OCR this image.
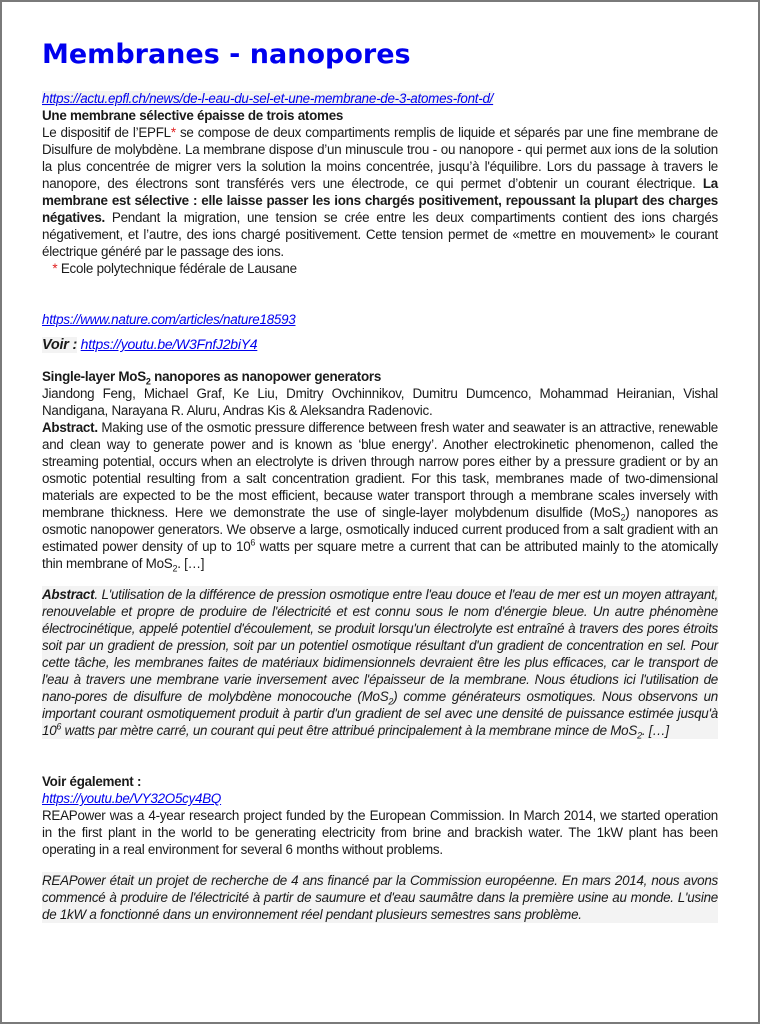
Membranes - nanopores

https://actu.epfl.ch/news/de-l-eau-du-sel-et-une-membrane-de-3-atomes-font-d/

Une membrane sélective épaisse de trois atomes

Le dispositif de l’EPFL* se compose de deux compartiments remplis de liquide et séparés par une fine membrane de Disulfure de molybdène. La membrane dispose d’un minuscule trou - ou nanopore - qui permet aux ions de la solution la plus concentrée de migrer vers la solution la moins concentrée, jusqu’à l'équilibre. Lors du passage à travers le nanopore, des électrons sont transférés vers une électrode, ce qui permet d’obtenir un courant électrique. La membrane est sélective : elle laisse passer les ions chargés positivement, repoussant la plupart des charges négatives. Pendant la migration, une tension se crée entre les deux compartiments contient des ions chargés négativement, et l’autre, des ions chargé positivement. Cette tension permet de «mettre en mouvement» le courant électrique généré par le passage des ions.

* Ecole polytechnique fédérale de Lausane

https://www.nature.com/articles/nature18593

Voir : https://youtu.be/W3FnfJ2biY4

Single-layer MoS$_2$ nanopores as nanopower generators

Jiandong Feng, Michael Graf, Ke Liu, Dmitry Ovchinnikov, Dumitru Dumcenco, Mohammad Heiranian, Vishal Nandigana, Narayana R. Aluru, Andras Kis & Aleksandra Radenovic.

Abstract. Making use of the osmotic pressure difference between fresh water and seawater is an attractive, renewable and clean way to generate power and is known as ‘blue energy’. Another electrokinetic phenomenon, called the streaming potential, occurs when an electrolyte is driven through narrow pores either by a pressure gradient or by an osmotic potential resulting from a salt concentration gradient. For this task, membranes made of two-dimensional materials are expected to be the most efficient, because water transport through a membrane scales inversely with membrane thickness. Here we demonstrate the use of single-layer molybdenum disulfide (MoS$_2$) nanopores as osmotic nanopower generators. We observe a large, osmotically induced current produced from a salt gradient with an estimated power density of up to $10^6$ watts per square metre a current that can be attributed mainly to the atomically thin membrane of MoS$_2$. […]

Abstract. L'utilisation de la différence de pression osmotique entre l'eau douce et l'eau de mer est un moyen attrayant, renouvelable et propre de produire de l'électricité et est connu sous le nom d'énergie bleue. Un autre phénomène électrocinétique, appelé potentiel d'écoulement, se produit lorsqu'un électrolyte est entraîné à travers des pores étroits soit par un gradient de pression, soit par un potentiel osmotique résultant d'un gradient de concentration en sel. Pour cette tâche, les membranes faites de matériaux bidimensionnels devraient être les plus efficaces, car le transport de l'eau à travers une membrane varie inversement avec l'épaisseur de la membrane. Nous étudions ici l'utilisation de nano-pores de disulfure de molybdène monocouche (MoS$_2$) comme générateurs osmotiques. Nous observons un important courant osmotiquement produit à partir d'un gradient de sel avec une densité de puissance estimée jusqu'à $10^6$ watts par mètre carré, un courant qui peut être attribué principalement à la membrane mince de MoS$_2$. […]

Voir également :

https://youtu.be/VY32O5cy4BQ

REAPower was a 4-year research project funded by the European Commission. In March 2014, we started operation in the first plant in the world to be generating electricity from brine and brackish water. The 1kW plant has been operating in a real environment for several 6 months without problems.

REAPower était un projet de recherche de 4 ans financé par la Commission européenne. En mars 2014, nous avons commencé à produire de l'électricité à partir de saumure et d'eau saumâtre dans la première usine au monde. L'usine de 1kW a fonctionné dans un environnement réel pendant plusieurs semestres sans problème.
